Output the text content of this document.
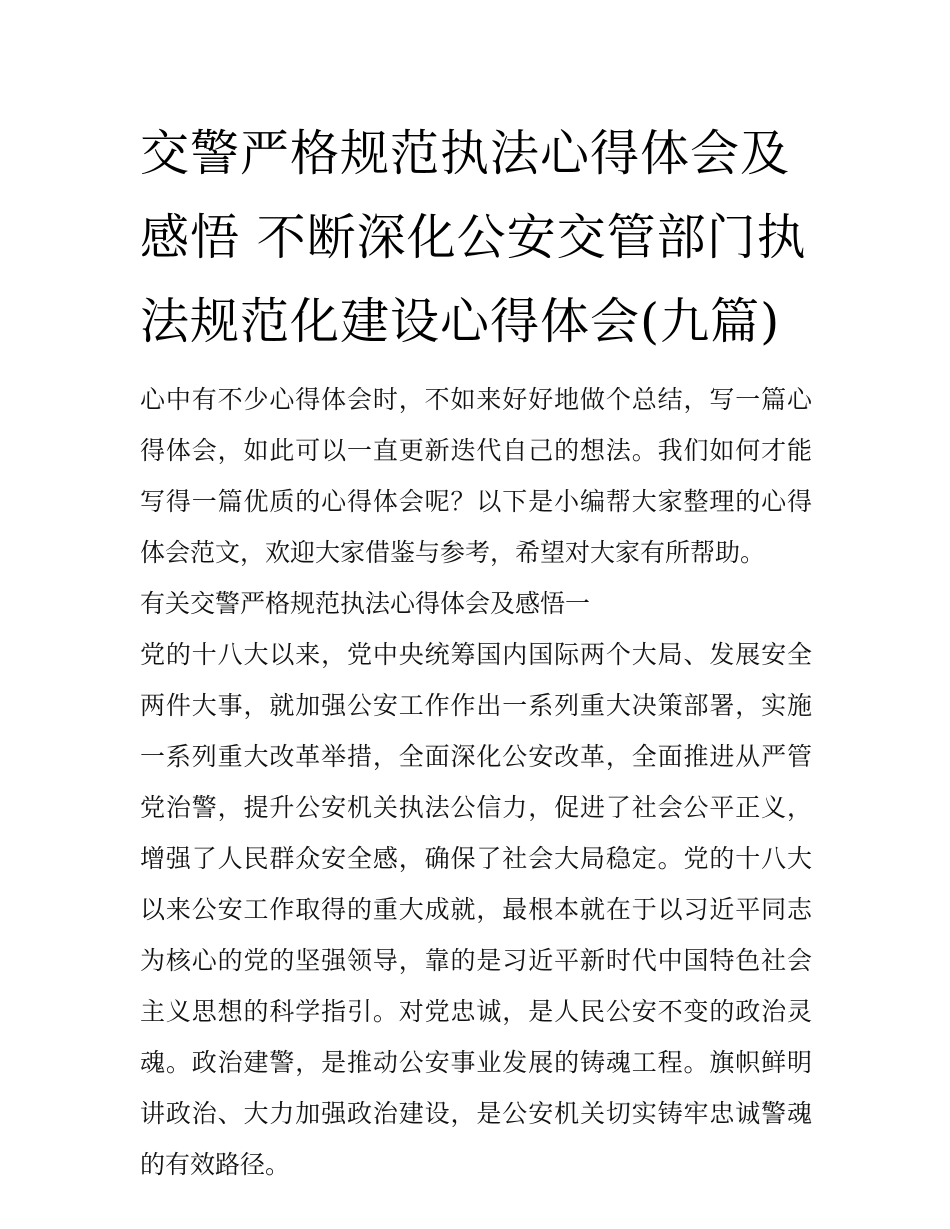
交警严格规范执法心得体会及
感悟 不断深化公安交管部门执
法规范化建设心得体会(九篇)

心中有不少心得体会时，不如来好好地做个总结，写一篇心得体会，如此可以一直更新迭代自己的想法。我们如何才能写得一篇优质的心得体会呢？以下是小编帮大家整理的心得体会范文，欢迎大家借鉴与参考，希望对大家有所帮助。

有关交警严格规范执法心得体会及感悟一

党的十八大以来，党中央统筹国内国际两个大局、发展安全两件大事，就加强公安工作作出一系列重大决策部署，实施一系列重大改革举措，全面深化公安改革，全面推进从严管党治警，提升公安机关执法公信力，促进了社会公平正义，增强了人民群众安全感，确保了社会大局稳定。党的十八大以来公安工作取得的重大成就，最根本就在于以习近平同志为核心的党的坚强领导，靠的是习近平新时代中国特色社会主义思想的科学指引。对党忠诚，是人民公安不变的政治灵魂。政治建警，是推动公安事业发展的铸魂工程。旗帜鲜明讲政治、大力加强政治建设，是公安机关切实铸牢忠诚警魂的有效路径。
